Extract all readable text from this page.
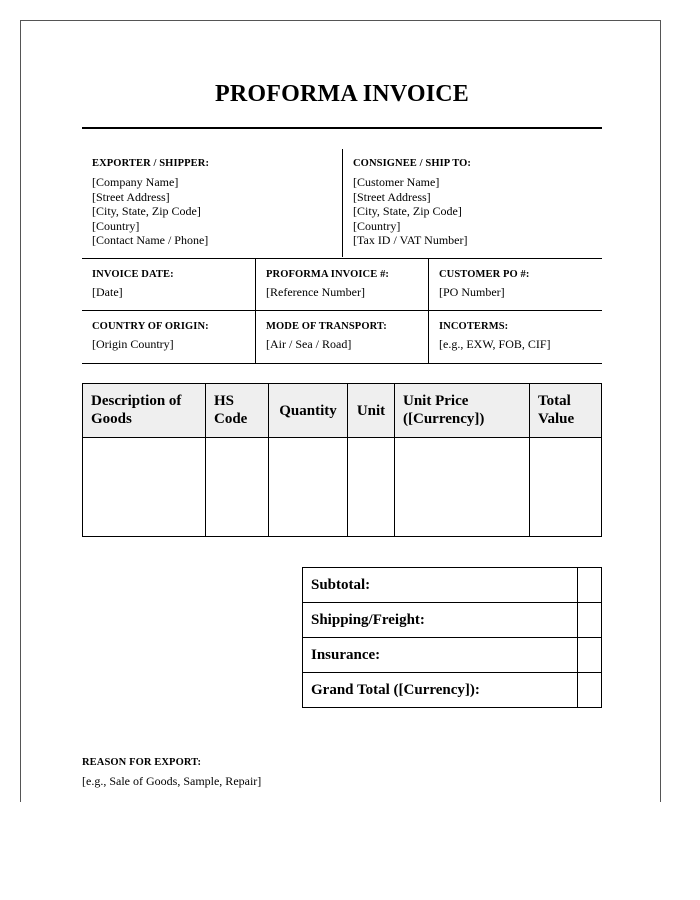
PROFORMA INVOICE
EXPORTER / SHIPPER:
[Company Name]
[Street Address]
[City, State, Zip Code]
[Country]
[Contact Name / Phone]
CONSIGNEE / SHIP TO:
[Customer Name]
[Street Address]
[City, State, Zip Code]
[Country]
[Tax ID / VAT Number]
INVOICE DATE:
[Date]
PROFORMA INVOICE #:
[Reference Number]
CUSTOMER PO #:
[PO Number]
COUNTRY OF ORIGIN:
[Origin Country]
MODE OF TRANSPORT:
[Air / Sea / Road]
INCOTERMS:
[e.g., EXW, FOB, CIF]
Description of
Goods
HS
Code
Quantity	Unit
Unit Price
([Currency])
Total
Value
Subtotal:
Shipping/Freight:
Insurance:
Grand Total ([Currency]):
REASON FOR EXPORT:
[e.g., Sale of Goods, Sample, Repair]
